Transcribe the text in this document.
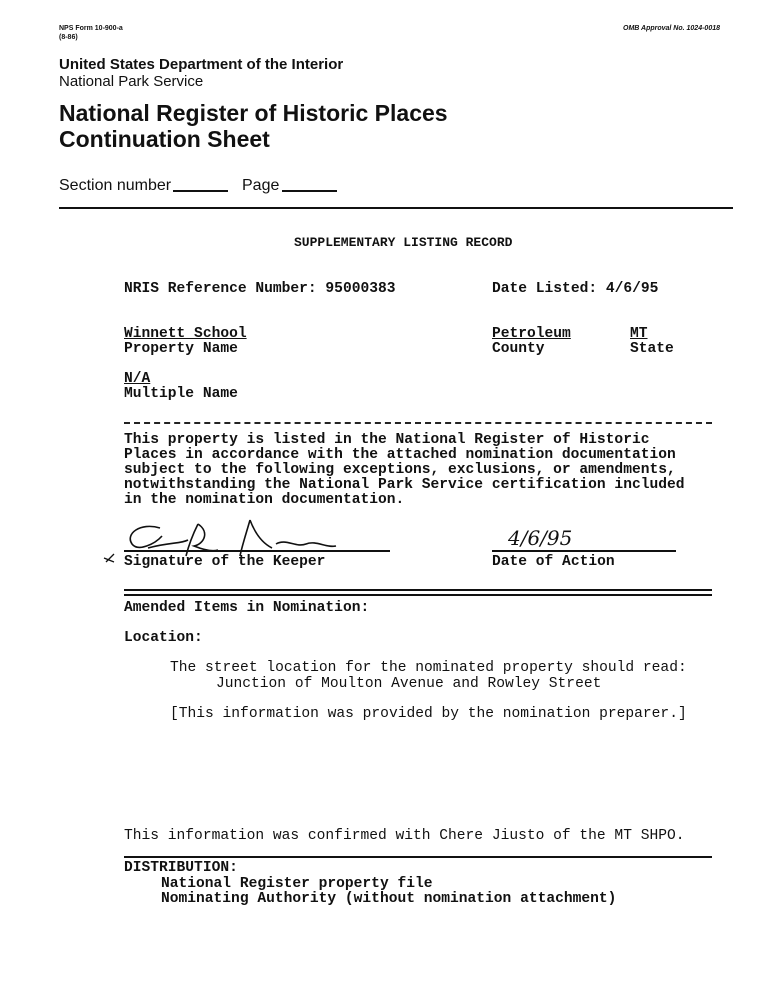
NPS Form 10-900-a
(8-86)
OMB Approval No. 1024-0018
United States Department of the Interior
National Park Service
National Register of Historic Places
Continuation Sheet
Section number	Page
SUPPLEMENTARY LISTING RECORD
NRIS Reference Number: 95000383	Date Listed: 4/6/95
Winnett School
Property Name
Petroleum
County
MT
State
N/A
Multiple Name
This property is listed in the National Register of Historic
Places in accordance with the attached nomination documentation
subject to the following exceptions, exclusions, or amendments,
notwithstanding the National Park Service certification included
in the nomination documentation.
Signature of the Keeper
4/6/95
Date of Action
Amended Items in Nomination:
Location:
The street location for the nominated property should read:
Junction of Moulton Avenue and Rowley Street
[This information was provided by the nomination preparer.]
This information was confirmed with Chere Jiusto of the MT SHPO.
DISTRIBUTION:
National Register property file
Nominating Authority (without nomination attachment)
